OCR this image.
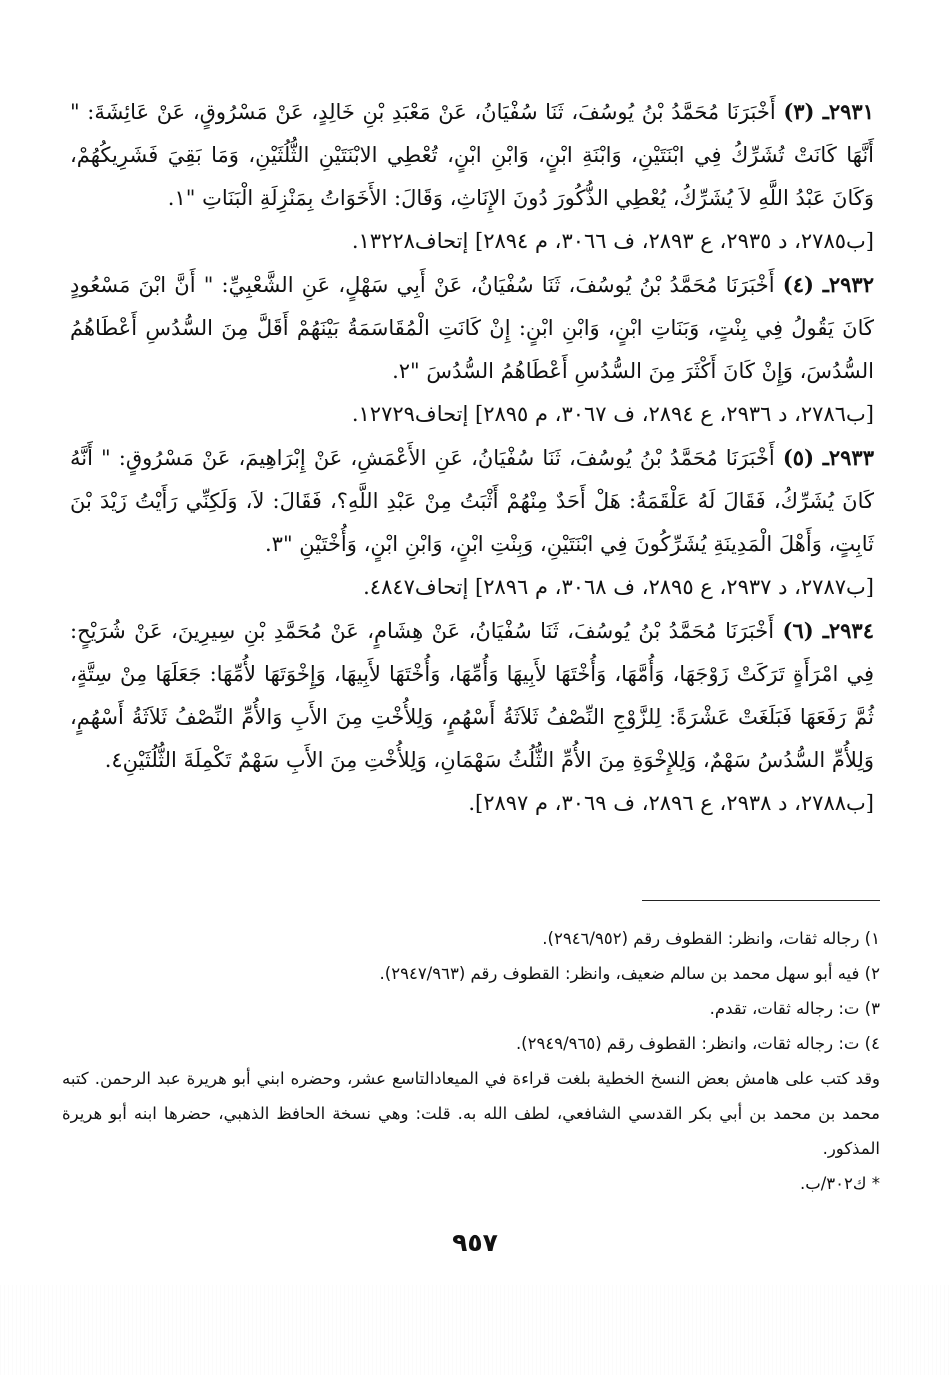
٢٩٣١ـ (٣) أَخْبَرَنَا مُحَمَّدُ بْنُ يُوسُفَ، ثَنَا سُفْيَانُ، عَنْ مَعْبَدِ بْنِ خَالِدٍ، عَنْ مَسْرُوقٍ، عَنْ عَائِشَةَ: " أَنَّهَا كَانَتْ تُشَرِّكُ فِي ابْنَتَيْنِ، وَابْنَةِ ابْنٍ، وَابْنِ ابْنٍ، تُعْطِي الابْنَتَيْنِ الثُّلُثَيْنِ، وَمَا بَقِيَ فَشَرِيكُهُمْ، وَكَانَ عَبْدُ اللَّهِ لاَ يُشَرِّكُ، يُعْطِي الذُّكُورَ دُونَ الإِنَاثِ، وَقَالَ: الأَخَوَاتُ بِمَنْزِلَةِ الْبَنَاتِ "١.

[ب٢٧٨٥، د ٢٩٣٥، ع ٢٨٩٣، ف ٣٠٦٦، م ٢٨٩٤] إتحاف١٣٢٢٨.

٢٩٣٢ـ (٤) أَخْبَرَنَا مُحَمَّدُ بْنُ يُوسُفَ، ثَنَا سُفْيَانُ، عَنْ أَبِي سَهْلٍ، عَنِ الشَّعْبِيِّ: " أَنَّ ابْنَ مَسْعُودٍ كَانَ يَقُولُ فِي بِنْتٍ، وَبَنَاتِ ابْنٍ، وَابْنِ ابْنٍ: إِنْ كَانَتِ الْمُقَاسَمَةُ بَيْنَهُمْ أَقَلَّ مِنَ السُّدُسِ أَعْطَاهُمُ السُّدُسَ، وَإِنْ كَانَ أَكْثَرَ مِنَ السُّدُسِ أَعْطَاهُمُ السُّدُسَ "٢.

[ب٢٧٨٦، د ٢٩٣٦، ع ٢٨٩٤، ف ٣٠٦٧، م ٢٨٩٥] إتحاف١٢٧٢٩.

٢٩٣٣ـ (٥) أَخْبَرَنَا مُحَمَّدُ بْنُ يُوسُفَ، ثَنَا سُفْيَانُ، عَنِ الأَعْمَشِ، عَنْ إِبْرَاهِيمَ، عَنْ مَسْرُوقٍ: " أَنَّهُ كَانَ يُشَرِّكُ، فَقَالَ لَهُ عَلْقَمَةُ: هَلْ أَحَدٌ مِنْهُمْ أَثْبَتُ مِنْ عَبْدِ اللَّهِ؟، فَقَالَ: لاَ، وَلَكِنِّي رَأَيْتُ زَيْدَ بْنَ ثَابِتٍ، وَأَهْلَ الْمَدِينَةِ يُشَرِّكُونَ فِي ابْنَتَيْنِ، وَبِنْتِ ابْنٍ، وَابْنِ ابْنٍ، وَأُخْتَيْنِ "٣.

[ب٢٧٨٧، د ٢٩٣٧، ع ٢٨٩٥، ف ٣٠٦٨، م ٢٨٩٦] إتحاف٤٨٤٧.

٢٩٣٤ـ (٦) أَخْبَرَنَا مُحَمَّدُ بْنُ يُوسُفَ، ثَنَا سُفْيَانُ، عَنْ هِشَامٍ، عَنْ مُحَمَّدِ بْنِ سِيرِينَ، عَنْ شُرَيْحٍ: فِي امْرَأَةٍ تَرَكَتْ زَوْجَهَا، وَأُمَّهَا، وَأُخْتَهَا لأَبِيهَا وَأُمِّهَا، وَأُخْتَهَا لأَبِيهَا، وَإِخْوَتَهَا لأُمِّهَا: جَعَلَهَا مِنْ سِتَّةٍ، ثُمَّ رَفَعَهَا فَبَلَغَتْ عَشْرَةً: لِلزَّوْجِ النِّصْفُ ثَلاَثَةُ أَسْهُمٍ، وَلِلأُخْتِ مِنَ الأَبِ وَالأُمِّ النِّصْفُ ثَلاَثَةُ أَسْهُمٍ، وَلِلأُمِّ السُّدُسُ سَهْمٌ، وَلِلإِخْوَةِ مِنَ الأُمِّ الثُّلُثُ سَهْمَانِ، وَلِلأُخْتِ مِنَ الأَبِ سَهْمٌ تَكْمِلَةَ الثُّلُثَيْنِ٤.

[ب٢٧٨٨، د ٢٩٣٨، ع ٢٨٩٦، ف ٣٠٦٩، م ٢٨٩٧].

١) رجاله ثقات، وانظر: القطوف رقم (٢٩٤٦/٩٥٢).

٢) فيه أبو سهل محمد بن سالم ضعيف، وانظر: القطوف رقم (٢٩٤٧/٩٦٣).

٣) ت: رجاله ثقات، تقدم.

٤) ت: رجاله ثقات، وانظر: القطوف رقم (٢٩٤٩/٩٦٥).

وقد كتب على هامش بعض النسخ الخطية بلغت قراءة في الميعادالتاسع عشر، وحضره ابني أبو هريرة عبد الرحمن. كتبه محمد بن محمد بن أبي بكر القدسي الشافعي، لطف الله به. قلت: وهي نسخة الحافظ الذهبي، حضرها ابنه أبو هريرة المذكور.

* ك٣٠٢/ب.

٩٥٧
